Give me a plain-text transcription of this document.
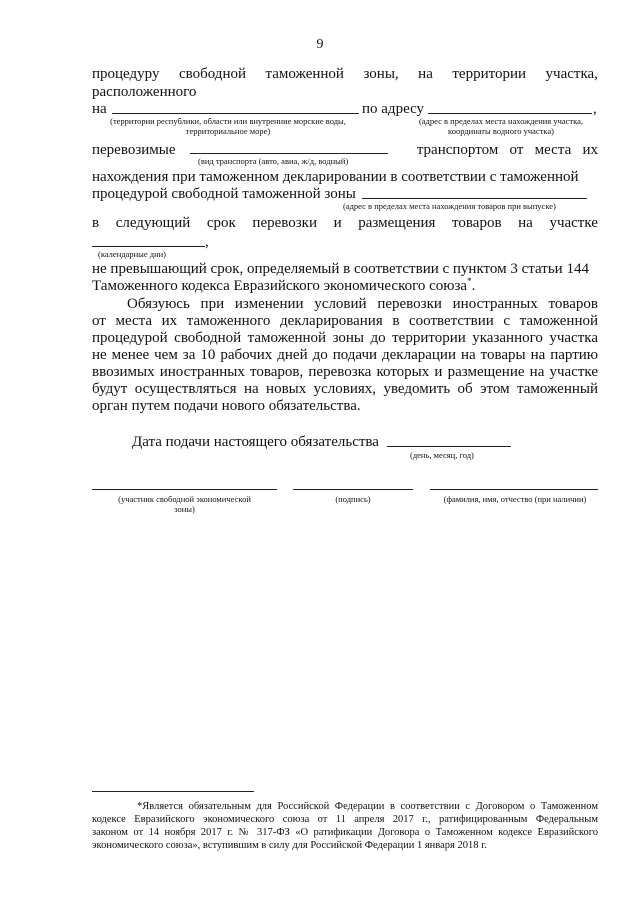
9
процедуру свободной таможенной зоны, на территории участка,
расположенного
на	по адресу	,
(территории республики, области или внутренние морские воды,
территориальное море)
(адрес в пределах места нахождения участка,
координаты водного участка)
перевозимые	транспортом   от   места   их
(вид транспорта (авто, авиа, ж/д, водный)
нахождения при таможенном декларировании в соответствии с таможенной
процедурой свободной таможенной зоны
(адрес в пределах места нахождения товаров при выпуске)
в следующий срок перевозки и размещения товаров на участке
,
(календарные дни)
не превышающий срок, определяемый в соответствии с пунктом 3 статьи 144
Таможенного кодекса Евразийского экономического союза*.
Обязуюсь при изменении условий перевозки иностранных товаров
от места их таможенного декларирования в соответствии с таможенной
процедурой свободной таможенной зоны до территории указанного участка
не менее чем за 10 рабочих дней до подачи декларации на товары на партию
ввозимых иностранных товаров, перевозка которых и размещение на участке
будут осуществляться на новых условиях, уведомить об этом таможенный
орган путем подачи нового обязательства.
Дата подачи настоящего обязательства
(день, месяц, год)
(участник свободной экономической
зоны)
(подпись)	(фамилия, имя, отчество (при наличии)
*Является обязательным для Российской Федерации в соответствии с Договором о Таможенном
кодексе Евразийского экономического союза от 11 апреля 2017 г., ратифицированным Федеральным
законом от 14 ноября 2017 г. № 317-ФЗ «О ратификации Договора о Таможенном кодексе Евразийского
экономического союза», вступившим в силу для Российской Федерации 1 января 2018 г.
